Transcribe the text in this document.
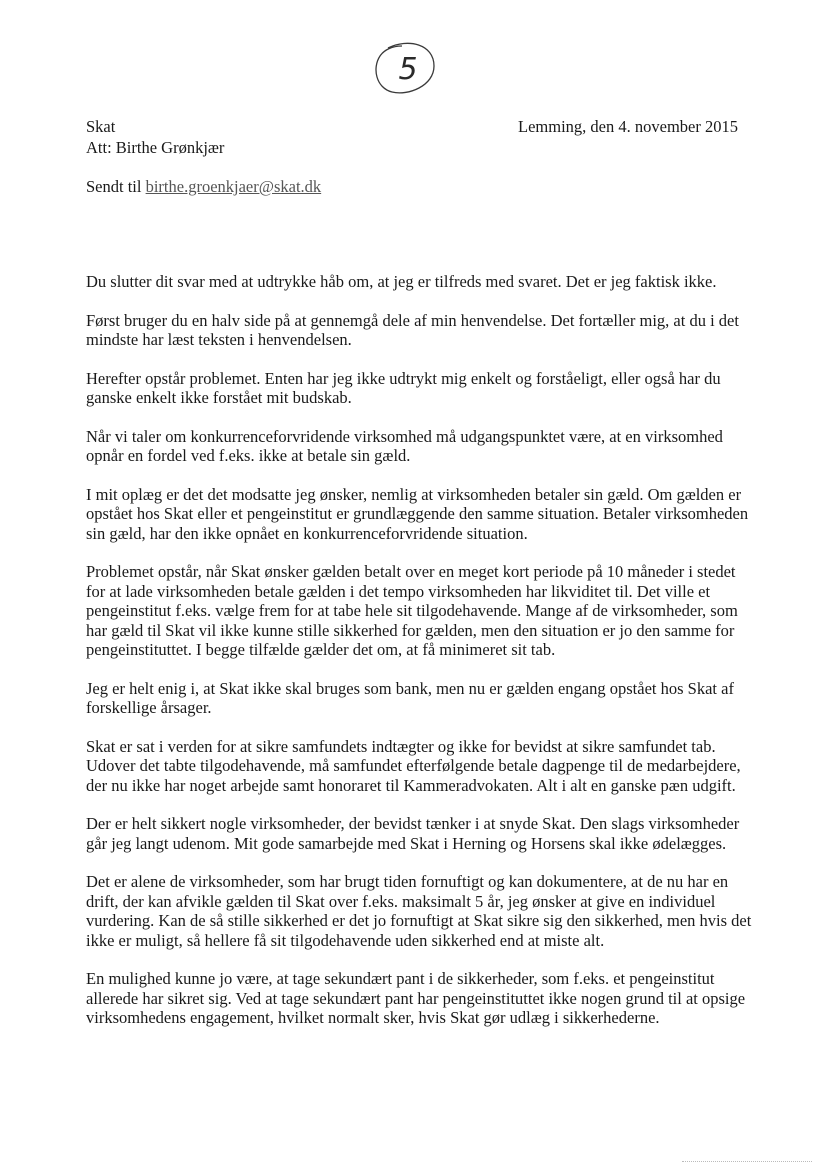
5
Skat
Att: Birthe Grønkjær
Lemming, den 4. november 2015
Sendt til birthe.groenkjaer@skat.dk

Du slutter dit svar med at udtrykke håb om, at jeg er tilfreds med svaret. Det er jeg faktisk ikke.

Først bruger du en halv side på at gennemgå dele af min henvendelse. Det fortæller mig, at du i det mindste har læst teksten i henvendelsen.

Herefter opstår problemet. Enten har jeg ikke udtrykt mig enkelt og forståeligt, eller også har du ganske enkelt ikke forstået mit budskab.

Når vi taler om konkurrenceforvridende virksomhed må udgangspunktet være, at en virksomhed opnår en fordel ved f.eks. ikke at betale sin gæld.

I mit oplæg er det det modsatte jeg ønsker, nemlig at virksomheden betaler sin gæld. Om gælden er opstået hos Skat eller et pengeinstitut er grundlæggende den samme situation. Betaler virksomheden sin gæld, har den ikke opnået en konkurrenceforvridende situation.

Problemet opstår, når Skat ønsker gælden betalt over en meget kort periode på 10 måneder i stedet for at lade virksomheden betale gælden i det tempo virksomheden har likviditet til. Det ville et pengeinstitut f.eks. vælge frem for at tabe hele sit tilgodehavende. Mange af de virksomheder, som har gæld til Skat vil ikke kunne stille sikkerhed for gælden, men den situation er jo den samme for pengeinstituttet. I begge tilfælde gælder det om, at få minimeret sit tab.

Jeg er helt enig i, at Skat ikke skal bruges som bank, men nu er gælden engang opstået hos Skat af forskellige årsager.

Skat er sat i verden for at sikre samfundets indtægter og ikke for bevidst at sikre samfundet tab. Udover det tabte tilgodehavende, må samfundet efterfølgende betale dagpenge til de medarbejdere, der nu ikke har noget arbejde samt honoraret til Kammeradvokaten. Alt i alt en ganske pæn udgift.

Der er helt sikkert nogle virksomheder, der bevidst tænker i at snyde Skat. Den slags virksomheder går jeg langt udenom. Mit gode samarbejde med Skat i Herning og Horsens skal ikke ødelægges.

Det er alene de virksomheder, som har brugt tiden fornuftigt og kan dokumentere, at de nu har en drift, der kan afvikle gælden til Skat over f.eks. maksimalt 5 år, jeg ønsker at give en individuel vurdering. Kan de så stille sikkerhed er det jo fornuftigt at Skat sikre sig den sikkerhed, men hvis det ikke er muligt, så hellere få sit tilgodehavende uden sikkerhed end at miste alt.

En mulighed kunne jo være, at tage sekundært pant i de sikkerheder, som f.eks. et pengeinstitut allerede har sikret sig. Ved at tage sekundært pant har pengeinstituttet ikke nogen grund til at opsige virksomhedens engagement, hvilket normalt sker, hvis Skat gør udlæg i sikkerhederne.
